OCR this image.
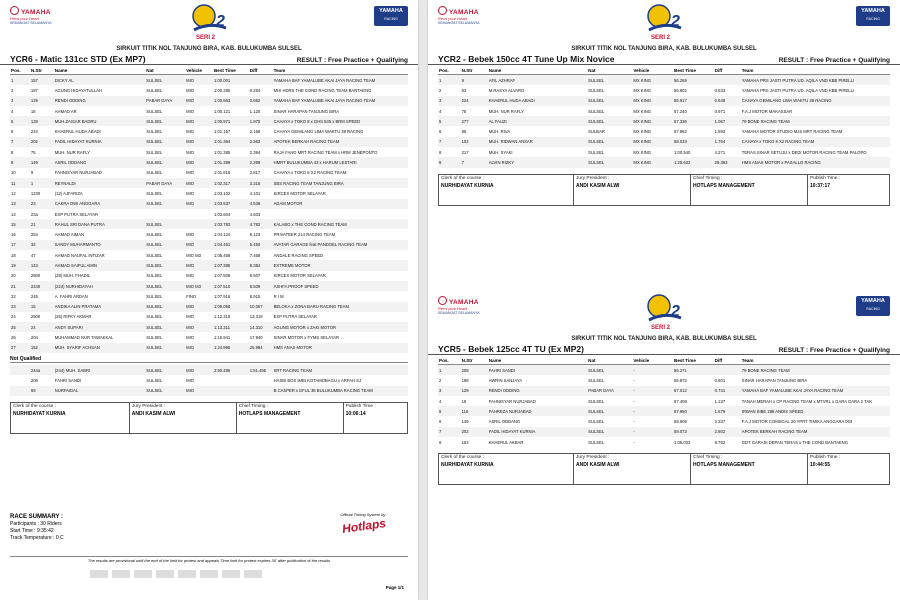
YAMAHA
Revs your Heart
SEMANGAT SELAMANYA	2
SERI 2
YAMAHA
RACING
SIRKUIT TITIK NOL TANJUNG BIRA, KAB. BULUKUMBA SULSEL
YCR6 - Matic 131cc STD (Ex MP7)	RESULT : Free Practice + Qualifying
Pos.	N.Str	Name	Nat	Vehicle	Best Time	Diff	Team
1	157	DICKY AL	SULSEL	MIO	1:00.001		YAMAHA BAF YAMALUBE AKAI JAYA RACING TEAM
2	187	AGUNG HIDAYATULLAH	SULSEL	MIO	1:00.285	0.284	MHI HDRS THE COND RACING TEAM BANTAENG
3	129	RENDI ODDING	PABAR DAYA	MIO	1:00.663	0.662	YAMAHA BAF YAMALUBE AKAI JAYA RACING TEAM
4	18	AHMAD AR	SULSEL	MIO	1:00.121	1.120	SINAR HARAPAN TANJUNG BIRA
5	128	MUH.ZAISAR BADRU	SULSEL	MIO	1:00.971	1.970	CAHAYA x TOKO 8 x DHS 535 x BRM SPEED
6	224	KHAERUL HUDA ABADI	SULSEL	MIO	1:01.157	2.156	CAHAYA GEMILANG LIMA WAKTU 38 RACING
7	202	FADIL HIDAYAT KURNIA	SULSEL	MIO	1:01.364	2.363	APOTEK BERKAH RACING TEAM
8	75	MUH. NUR RAFLY	SULSEL	MIO	1:01.385	2.384	RAJA FAHD MRT RACING TEAM x HRM JENEPONTO
9	149	ASRIL ODDANG	SULSEL	MIO	1:01.399	2.398	HMRT BULUKUMBA 43 x HARUM LESTARI
10	9	FAHNISYAR NURJABAD	SULSEL	MIO	1:01.818	2.817	CAHAYA x TOKO 8 X2 RACING TEAM
11	1	REYNALDI	PABAR DAYA	MIO	1:02.317	3.316	SBS RACING TEAM TANJUNG BIRA
12	1230	(12) AJFARIZA	SULSEL	MIO	1:03.102	4.101	KIRCEX MOTOR SELAYAR
13	23	CAKRA DWI ANGGARA	SULSEL	MIO	1:03.537	4.536	ADAM MOTOR
14	23a	EXP PUTRA SELAYAR			1:03.604	4.603	
15	21	RAHUL SRI DANA PUTRA	SULSEL		1:03.783	4.782	KALABO x THE COND RACING TEAM
16	254	AHMAD AIMAN	SULSEL	MIO	1:04.124	5.123	PRIVATEER 214 RACING TEAM
17	32	SANDY MUHARMANTO	SULSEL	MIO	1:04.451	5.450	AVATAR GARAGE feat PANDOEL RACING TEAM
18	47	AHMAD NAUFAL INTIZAR	SULSEL	MIO M3	1:06.469	7.468	ANDALE RACING SPEED
19	143	AHMAD SAIFUL AMIN	SULSEL	MIO	1:07.385	8.384	EXTREME MOTOR
20	2800	(28) MUH. FHADIL	SULSEL	MIO	1:07.508	8.507	KIRCEX MOTOR SELAYAR
21	2240	(224) NURHIDAYAH	SULSEL	MIO M3	1:07.510	8.509	ASHFA PROOF SPEED
22	245	A. FAHRI ARDAN	SULSEL	FINO	1:07.916	8.915	R I M
23	15	ANDIKA ALIN PRATAMA	SULSEL	MIO	1:09.058	10.057	BELOKA x ZONA BARU RACING TEAM
24	2500	(25) RIFKY AKMAR	SULSEL	MIO	1:12.319	13.318	EXP PUTRA SELAYAR
25	24	ANDY SUPARI	SULSEL	MIO	1:13.311	14.310	AGUNG MOTOR x ZAKI MOTOR
26	204	MUHAMMAD NUR TAWAKKAL	SULSEL	MIO	1:16.941	17.940	SINAR MOTOR x FYMS SELAYAR
27	152	MUH. SYARIF ACHSAN	SULSEL	MIO	1:24.995	25.994	HMS ANAS MOTOR
Not Qualified
	244a	(244) MUH. SABRI	SULSEL	MIO	2:50.486	1:51.485	SRT RACING TEAM
	208	FAHRI SANDI	SULSEL	MIO			HASBI BOS IMBI KOTAMOBAGU x ARFAH SJ
	69	NURFAIDAL	SULSEL	MIO			B CASPER x EFUL 38 BULUKUMBA RACING TEAM
Clerk of the course :
NURHIDAYAT KURNIA
Jury President :
ANDI KASIM ALWI
Chief Timing :
HOTLAPS MANAGEMENT
Publish Time :
10:06:14
RACE SUMMARY :
Participants : 30 Riders
Start Time : 9:35:42
Track Temperature : 0 C
Official Timing System by :
Hotlaps
The results are provisional until the end of the limit for protest and appeals Time limit for protest expires 30' after publication of the results
Page 1/1
YAMAHA
Revs your Heart
SEMANGAT SELAMANYA	2
SERI 2
YAMAHA
RACING
SIRKUIT TITIK NOL TANJUNG BIRA, KAB. BULUKUMBA SULSEL
YCR2 - Bebek 150cc 4T Tune Up Mix Novice	RESULT : Free Practice + Qualifying
Pos.	N.Str	Name	Nat	Vehicle	Best Time	Diff	Team
1	9	AFIL AZHRAF	SULSEL	MX KING	56.269		YAMAHA PRS JASTI PUTRA UD. AQILA VND KBB PIRELLI
2	63	M.RASYA ALVARO	SULSEL	MX KING	56.802	0.533	YAMAHA PRS JASTI PUTRA UD. AQILA VND KBB PIRELLI
3	224	KHAERUL HUDA ABADI	SULSEL	MX KING	56.917	0.648	CAHAYA GEMILANG LIMA WAKTU 38 RACING
4	75	MUH. NUR RAFLY	SULSEL	MX KING	57.240	0.971	F.A.J MOTOR MAKASSAR
5	277	AL FAUZI	SULSEL	MX KING	57.336	1.067	79 BONE RACING TEAM
6	96	MUH. RIVA	SULBAR	MX KING	57.862	1.593	YAMAHA MOTOR STUDIO MJS MRT RACING TEAM
7	102	MUH. RIDWAN ANSAR	SULSEL	MX KING	58.033	1.764	CAHAYA x TOKO 8 X2 RACING TEAM
8	217	MUH. SYAKI	SULSEL	MX KING	1:00.540	4.271	TERAS SINAR SETUJU x DEDI MOTOR RACING TEAM PALOPO
9	7	ALVIN RIZKY	SULSEL	MX KING	1:25.632	29.363	HMS ANAS MOTOR x PASALLO RACING
Clerk of the course :
NURHIDAYAT KURNIA
Jury President :
ANDI KASIM ALWI
Chief Timing :
HOTLAPS MANAGEMENT
Publish Time :
10:37:17
YAMAHA
Revs your Heart
SEMANGAT SELAMANYA	2
SERI 2
YAMAHA
RACING
SIRKUIT TITIK NOL TANJUNG BIRA, KAB. BULUKUMBA SULSEL
YCR5 - Bebek 125cc 4T TU (Ex MP2)	RESULT : Free Practice + Qualifying
Pos.	N.Str	Name	Nat	Vehicle	Best Time	Diff	Team
1	208	FAHRI SANDI	SULSEL	-	56.271		79 BONE RACING TEAM
2	198	AWRIN SANJAYA	SULSEL	-	56.872	0.601	SINAR HARAPAN TANJUNG BIRA
3	129	RENDI ODDING	PABAR DAYA	-	57.012	0.741	YAMAHA BAF YAMALUBE AKAI JAYA RACING TEAM
4	19	FAHNISYAR NURJABAD	SULSEL	-	57.408	1.137	TANAH MERAH x CP RACING TEAM x MTVRL x GARA GARA 2 TAK
5	116	FAHREZA NURJABAD	SULSEL	-	57.950	1.679	IRWAN SIBE 288 ANDIS SPEED
6	149	ASRIL ODDANG	SULSEL	-	58.608	2.337	F.A.J MOTOR COMSGAL 20 YPRT TIMIKA ANGGARA 003
7	202	FADIL HIDAYAT KURNIA	SULSEL	-	59.073	2.802	APOTEK BERKAH RACING TEAM
8	163	KHAERUL AKBAR	SULSEL	-	1:05.033	8.762	GDT GARASI DEPAN TERAS x THE COND BANTAENG
Clerk of the course :
NURHIDAYAT KURNIA
Jury President :
ANDI KASIM ALWI
Chief Timing :
HOTLAPS MANAGEMENT
Publish Time :
10:44:55
